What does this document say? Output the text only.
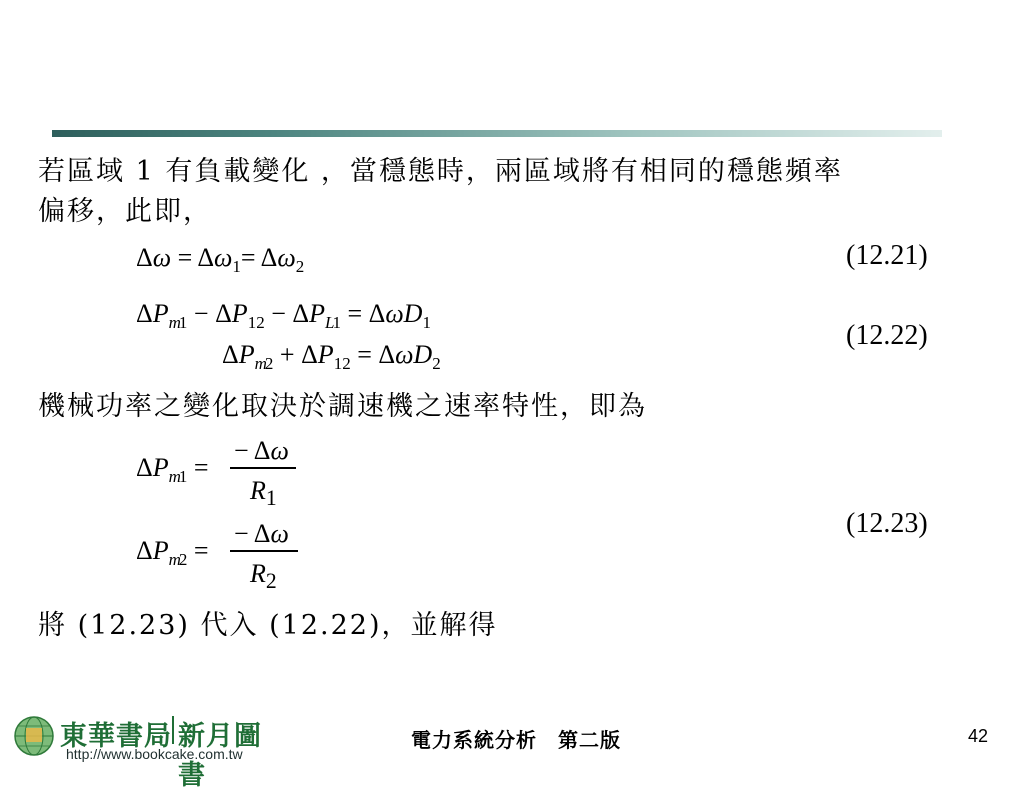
若區域 1 有負載變化 ，當穩態時，兩區域將有相同的穩態頻率
偏移，此即，
$\Delta\omega = \Delta\omega_1= \Delta\omega_2$	(12.21)
$\Delta P_{m1} - \Delta P_{12} - \Delta P_{L1} = \Delta\omega D_1$
$\Delta P_{m2} + \Delta P_{12} = \Delta\omega D_2$
(12.22)
機械功率之變化取決於調速機之速率特性，即為
$\Delta P_{m1}$ =
− Δω
$R_1$
$\Delta P_{m2}$ =
− Δω
$R_2$
(12.23)
將 (12.23) 代入 (12.22)，並解得
東華書局 新月圖書
http://www.bookcake.com.tw
電力系統分析　第二版	42
